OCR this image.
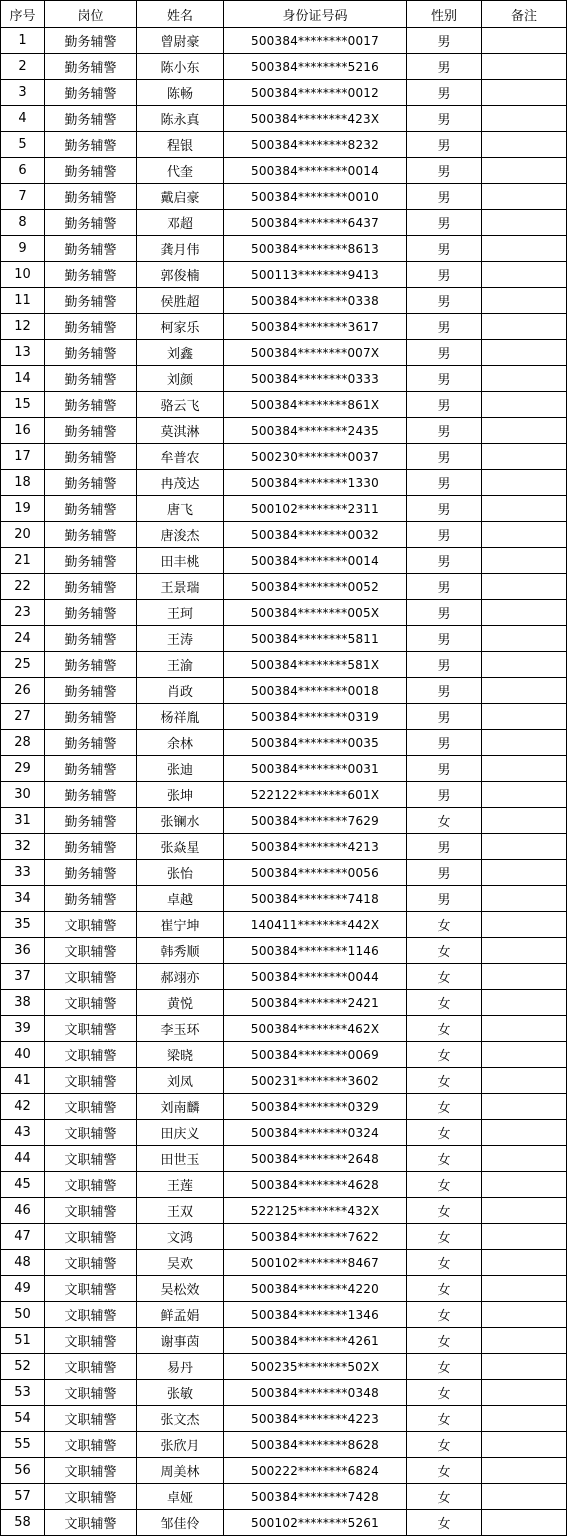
序号	岗位	姓名	身份证号码	性别	备注
1	勤务辅警	曾尉豪	500384********0017	男	
2	勤务辅警	陈小东	500384********5216	男	
3	勤务辅警	陈畅	500384********0012	男	
4	勤务辅警	陈永真	500384********423X	男	
5	勤务辅警	程银	500384********8232	男	
6	勤务辅警	代奎	500384********0014	男	
7	勤务辅警	戴启豪	500384********0010	男	
8	勤务辅警	邓超	500384********6437	男	
9	勤务辅警	龚月伟	500384********8613	男	
10	勤务辅警	郭俊楠	500113********9413	男	
11	勤务辅警	侯胜超	500384********0338	男	
12	勤务辅警	柯家乐	500384********3617	男	
13	勤务辅警	刘鑫	500384********007X	男	
14	勤务辅警	刘颜	500384********0333	男	
15	勤务辅警	骆云飞	500384********861X	男	
16	勤务辅警	莫淇淋	500384********2435	男	
17	勤务辅警	牟普农	500230********0037	男	
18	勤务辅警	冉茂达	500384********1330	男	
19	勤务辅警	唐飞	500102********2311	男	
20	勤务辅警	唐浚杰	500384********0032	男	
21	勤务辅警	田丰桃	500384********0014	男	
22	勤务辅警	王景瑞	500384********0052	男	
23	勤务辅警	王珂	500384********005X	男	
24	勤务辅警	王涛	500384********5811	男	
25	勤务辅警	王渝	500384********581X	男	
26	勤务辅警	肖政	500384********0018	男	
27	勤务辅警	杨祥胤	500384********0319	男	
28	勤务辅警	余林	500384********0035	男	
29	勤务辅警	张迪	500384********0031	男	
30	勤务辅警	张坤	522122********601X	男	
31	勤务辅警	张镧水	500384********7629	女	
32	勤务辅警	张焱星	500384********4213	男	
33	勤务辅警	张怡	500384********0056	男	
34	勤务辅警	卓越	500384********7418	男	
35	文职辅警	崔宁坤	140411********442X	女	
36	文职辅警	韩秀顺	500384********1146	女	
37	文职辅警	郝翊亦	500384********0044	女	
38	文职辅警	黄悦	500384********2421	女	
39	文职辅警	李玉环	500384********462X	女	
40	文职辅警	梁晓	500384********0069	女	
41	文职辅警	刘凤	500231********3602	女	
42	文职辅警	刘南麟	500384********0329	女	
43	文职辅警	田庆义	500384********0324	女	
44	文职辅警	田世玉	500384********2648	女	
45	文职辅警	王莲	500384********4628	女	
46	文职辅警	王双	522125********432X	女	
47	文职辅警	文鸿	500384********7622	女	
48	文职辅警	吴欢	500102********8467	女	
49	文职辅警	吴松效	500384********4220	女	
50	文职辅警	鲜孟娟	500384********1346	女	
51	文职辅警	谢事茵	500384********4261	女	
52	文职辅警	易丹	500235********502X	女	
53	文职辅警	张敏	500384********0348	女	
54	文职辅警	张文杰	500384********4223	女	
55	文职辅警	张欣月	500384********8628	女	
56	文职辅警	周美林	500222********6824	女	
57	文职辅警	卓娅	500384********7428	女	
58	文职辅警	邹佳伶	500102********5261	女	
